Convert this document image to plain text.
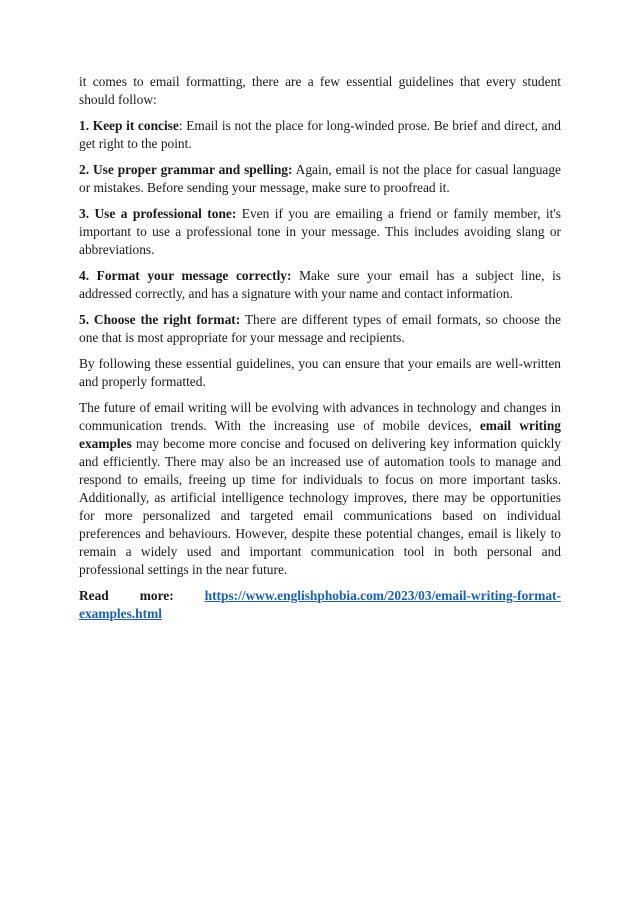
it comes to email formatting, there are a few essential guidelines that every student should follow:

1. Keep it concise: Email is not the place for long-winded prose. Be brief and direct, and get right to the point.

2. Use proper grammar and spelling: Again, email is not the place for casual language or mistakes. Before sending your message, make sure to proofread it.

3. Use a professional tone: Even if you are emailing a friend or family member, it's important to use a professional tone in your message. This includes avoiding slang or abbreviations.

4. Format your message correctly: Make sure your email has a subject line, is addressed correctly, and has a signature with your name and contact information.

5. Choose the right format: There are different types of email formats, so choose the one that is most appropriate for your message and recipients.

By following these essential guidelines, you can ensure that your emails are well-written and properly formatted.

The future of email writing will be evolving with advances in technology and changes in communication trends. With the increasing use of mobile devices, email writing examples may become more concise and focused on delivering key information quickly and efficiently. There may also be an increased use of automation tools to manage and respond to emails, freeing up time for individuals to focus on more important tasks. Additionally, as artificial intelligence technology improves, there may be opportunities for more personalized and targeted email communications based on individual preferences and behaviours. However, despite these potential changes, email is likely to remain a widely used and important communication tool in both personal and professional settings in the near future.

Read more: https://www.englishphobia.com/2023/03/email-writing-format-
examples.html
